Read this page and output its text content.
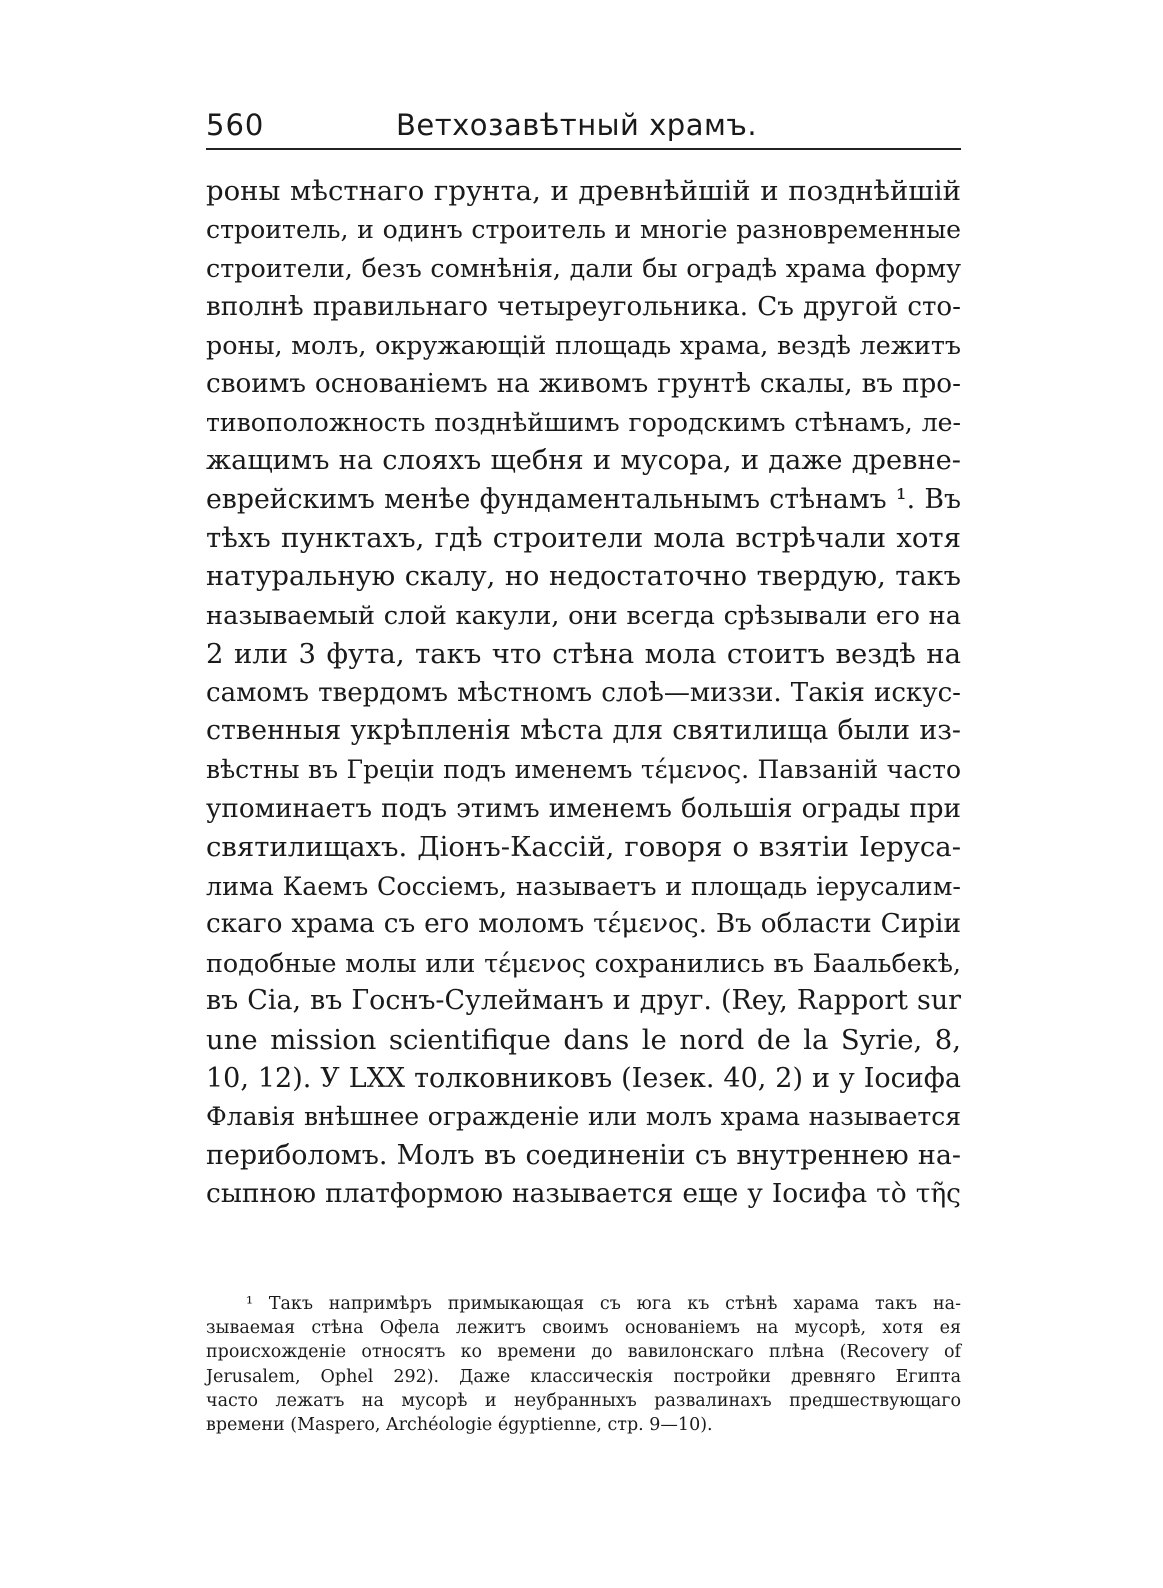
560	Ветхозавѣтный храмъ.
роны мѣстнаго грунта, и древнѣйшій и позднѣйшій
строитель, и одинъ строитель и многіе разновременные
строители, безъ сомнѣнія, дали бы оградѣ храма форму
вполнѣ правильнаго четыреугольника. Съ другой сто-
роны, молъ, окружающій площадь храма, вездѣ лежитъ
своимъ основаніемъ на живомъ грунтѣ скалы, въ про-
тивоположность позднѣйшимъ городскимъ стѣнамъ, ле-
жащимъ на слояхъ щебня и мусора, и даже древне-
еврейскимъ менѣе фундаментальнымъ стѣнамъ ¹. Въ
тѣхъ пунктахъ, гдѣ строители мола встрѣчали хотя
натуральную скалу, но недостаточно твердую, такъ
называемый слой какули, они всегда срѣзывали его на
2 или 3 фута, такъ что стѣна мола стоитъ вездѣ на
самомъ твердомъ мѣстномъ слоѣ—миззи. Такія искус-
ственныя укрѣпленія мѣста для святилища были из-
вѣстны въ Греціи подъ именемъ τέμενος. Павзаній часто
упоминаетъ подъ этимъ именемъ большія ограды при
святилищахъ. Діонъ-Кассій, говоря о взятіи Іеруса-
лима Каемъ Соссіемъ, называетъ и площадь іерусалим-
скаго храма съ его моломъ τέμενος. Въ области Сиріи
подобные молы или τέμενος сохранились въ Баальбекѣ,
въ Сіа, въ Госнъ-Сулейманъ и друг. (Rey, Rapport sur
une mission scientifique dans le nord de la Syrie, 8,
10, 12). У LXX толковниковъ (Іезек. 40, 2) и у Іосифа
Флавія внѣшнее огражденіе или молъ храма называется
периболомъ. Молъ въ соединеніи съ внутреннею на-
сыпною платформою называется еще у Іосифа τὸ τῆς
¹ Такъ напримѣръ примыкающая съ юга къ стѣнѣ харама такъ на-
зываемая стѣна Офела лежитъ своимъ основаніемъ на мусорѣ, хотя ея
происхожденіе относятъ ко времени до вавилонскаго плѣна (Recovery of
Jerusalem, Ophel 292). Даже классическія постройки древняго Египта
часто лежатъ на мусорѣ и неубранныхъ развалинахъ предшествующаго
времени (Maspero, Archéologie égyptienne, стр. 9—10).
